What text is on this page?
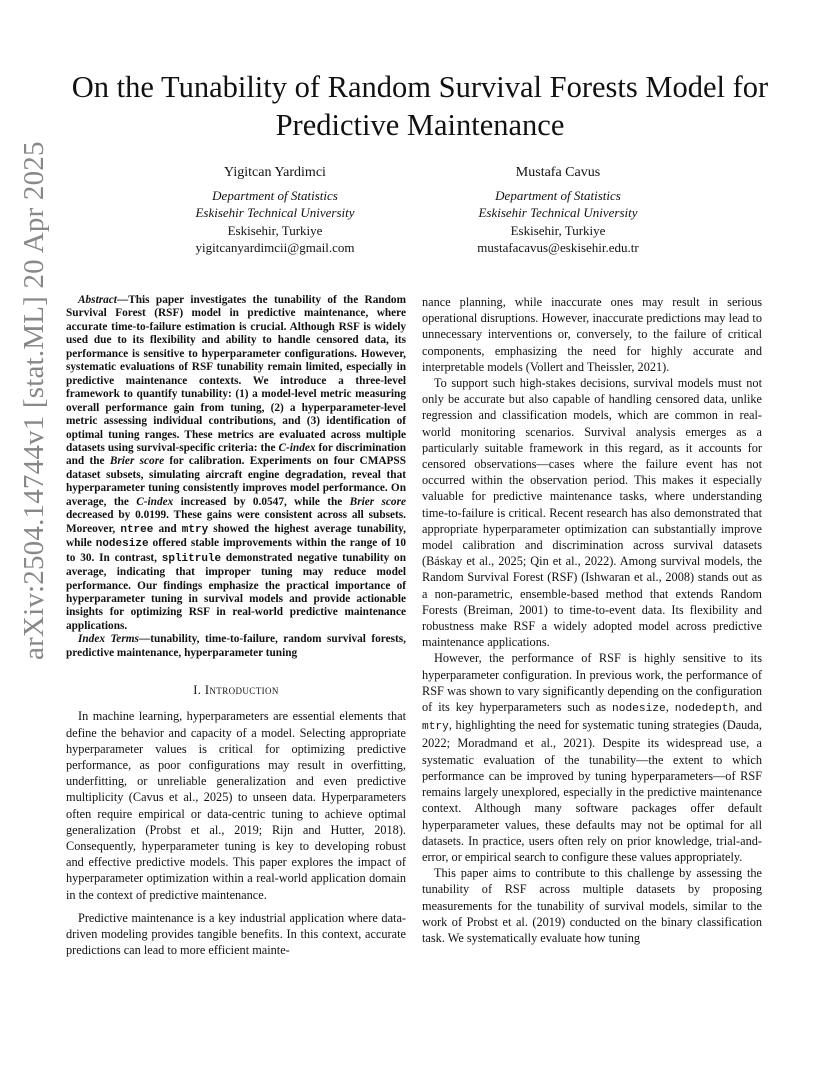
arXiv:2504.14744v1 [stat.ML] 20 Apr 2025
On the Tunability of Random Survival Forests Model for Predictive Maintenance
Yigitcan Yardimci
Department of Statistics
Eskisehir Technical University
Eskisehir, Turkiye
yigitcanyardimcii@gmail.com
Mustafa Cavus
Department of Statistics
Eskisehir Technical University
Eskisehir, Turkiye
mustafacavus@eskisehir.edu.tr

Abstract—This paper investigates the tunability of the Random Survival Forest (RSF) model in predictive maintenance, where accurate time-to-failure estimation is crucial. Although RSF is widely used due to its flexibility and ability to handle censored data, its performance is sensitive to hyperparameter configurations. However, systematic evaluations of RSF tunability remain limited, especially in predictive maintenance contexts. We introduce a three-level framework to quantify tunability: (1) a model-level metric measuring overall performance gain from tuning, (2) a hyperparameter-level metric assessing individual contributions, and (3) identification of optimal tuning ranges. These metrics are evaluated across multiple datasets using survival-specific criteria: the C-index for discrimination and the Brier score for calibration. Experiments on four CMAPSS dataset subsets, simulating aircraft engine degradation, reveal that hyperparameter tuning consistently improves model performance. On average, the C-index increased by 0.0547, while the Brier score decreased by 0.0199. These gains were consistent across all subsets. Moreover, ntree and mtry showed the highest average tunability, while nodesize offered stable improvements within the range of 10 to 30. In contrast, splitrule demonstrated negative tunability on average, indicating that improper tuning may reduce model performance. Our findings emphasize the practical importance of hyperparameter tuning in survival models and provide actionable insights for optimizing RSF in real-world predictive maintenance applications.

Index Terms—tunability, time-to-failure, random survival forests, predictive maintenance, hyperparameter tuning

I. Introduction

In machine learning, hyperparameters are essential elements that define the behavior and capacity of a model. Selecting appropriate hyperparameter values is critical for optimizing predictive performance, as poor configurations may result in overfitting, underfitting, or unreliable generalization and even predictive multiplicity (Cavus et al., 2025) to unseen data. Hyperparameters often require empirical or data-centric tuning to achieve optimal generalization (Probst et al., 2019; Rijn and Hutter, 2018). Consequently, hyperparameter tuning is key to developing robust and effective predictive models. This paper explores the impact of hyperparameter optimization within a real-world application domain in the context of predictive maintenance.

Predictive maintenance is a key industrial application where data-driven modeling provides tangible benefits. In this context, accurate predictions can lead to more efficient mainte-

nance planning, while inaccurate ones may result in serious operational disruptions. However, inaccurate predictions may lead to unnecessary interventions or, conversely, to the failure of critical components, emphasizing the need for highly accurate and interpretable models (Vollert and Theissler, 2021).

To support such high-stakes decisions, survival models must not only be accurate but also capable of handling censored data, unlike regression and classification models, which are common in real-world monitoring scenarios. Survival analysis emerges as a particularly suitable framework in this regard, as it accounts for censored observations—cases where the failure event has not occurred within the observation period. This makes it especially valuable for predictive maintenance tasks, where understanding time-to-failure is critical. Recent research has also demonstrated that appropriate hyperparameter optimization can substantially improve model calibration and discrimination across survival datasets (Báskay et al., 2025; Qin et al., 2022). Among survival models, the Random Survival Forest (RSF) (Ishwaran et al., 2008) stands out as a non-parametric, ensemble-based method that extends Random Forests (Breiman, 2001) to time-to-event data. Its flexibility and robustness make RSF a widely adopted model across predictive maintenance applications.

However, the performance of RSF is highly sensitive to its hyperparameter configuration. In previous work, the performance of RSF was shown to vary significantly depending on the configuration of its key hyperparameters such as nodesize, nodedepth, and mtry, highlighting the need for systematic tuning strategies (Dauda, 2022; Moradmand et al., 2021). Despite its widespread use, a systematic evaluation of the tunability—the extent to which performance can be improved by tuning hyperparameters—of RSF remains largely unexplored, especially in the predictive maintenance context. Although many software packages offer default hyperparameter values, these defaults may not be optimal for all datasets. In practice, users often rely on prior knowledge, trial-and-error, or empirical search to configure these values appropriately.

This paper aims to contribute to this challenge by assessing the tunability of RSF across multiple datasets by proposing measurements for the tunability of survival models, similar to the work of Probst et al. (2019) conducted on the binary classification task. We systematically evaluate how tuning
